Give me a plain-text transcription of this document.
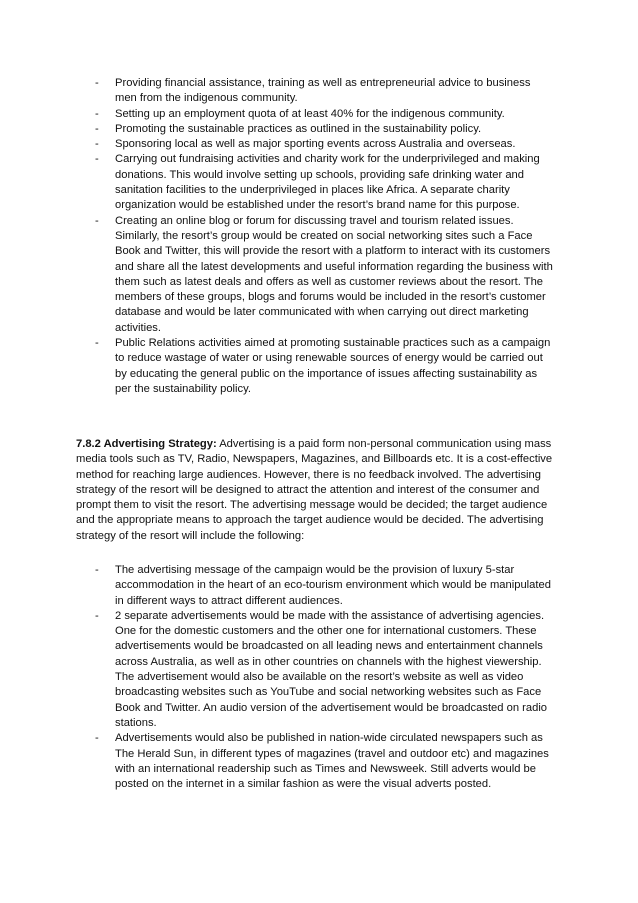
- Providing financial assistance, training as well as entrepreneurial advice to business men from the indigenous community.
- Setting up an employment quota of at least 40% for the indigenous community.
- Promoting the sustainable practices as outlined in the sustainability policy.
- Sponsoring local as well as major sporting events across Australia and overseas.
- Carrying out fundraising activities and charity work for the underprivileged and making donations. This would involve setting up schools, providing safe drinking water and sanitation facilities to the underprivileged in places like Africa. A separate charity organization would be established under the resort’s brand name for this purpose.
- Creating an online blog or forum for discussing travel and tourism related issues. Similarly, the resort’s group would be created on social networking sites such a Face Book and Twitter, this will provide the resort with a platform to interact with its customers and share all the latest developments and useful information regarding the business with them such as latest deals and offers as well as customer reviews about the resort. The members of these groups, blogs and forums would be included in the resort’s customer database and would be later communicated with when carrying out direct marketing activities.
- Public Relations activities aimed at promoting sustainable practices such as a campaign to reduce wastage of water or using renewable sources of energy would be carried out by educating the general public on the importance of issues affecting sustainability as per the sustainability policy.

7.8.2 Advertising Strategy: Advertising is a paid form non-personal communication using mass media tools such as TV, Radio, Newspapers, Magazines, and Billboards etc. It is a cost-effective method for reaching large audiences. However, there is no feedback involved. The advertising strategy of the resort will be designed to attract the attention and interest of the consumer and prompt them to visit the resort. The advertising message would be decided; the target audience and the appropriate means to approach the target audience would be decided. The advertising strategy of the resort will include the following:

- The advertising message of the campaign would be the provision of luxury 5-star accommodation in the heart of an eco-tourism environment which would be manipulated in different ways to attract different audiences.
- 2 separate advertisements would be made with the assistance of advertising agencies. One for the domestic customers and the other one for international customers. These advertisements would be broadcasted on all leading news and entertainment channels across Australia, as well as in other countries on channels with the highest viewership. The advertisement would also be available on the resort’s website as well as video broadcasting websites such as YouTube and social networking websites such as Face Book and Twitter. An audio version of the advertisement would be broadcasted on radio stations.
- Advertisements would also be published in nation-wide circulated newspapers such as The Herald Sun, in different types of magazines (travel and outdoor etc) and magazines with an international readership such as Times and Newsweek. Still adverts would be posted on the internet in a similar fashion as were the visual adverts posted.
